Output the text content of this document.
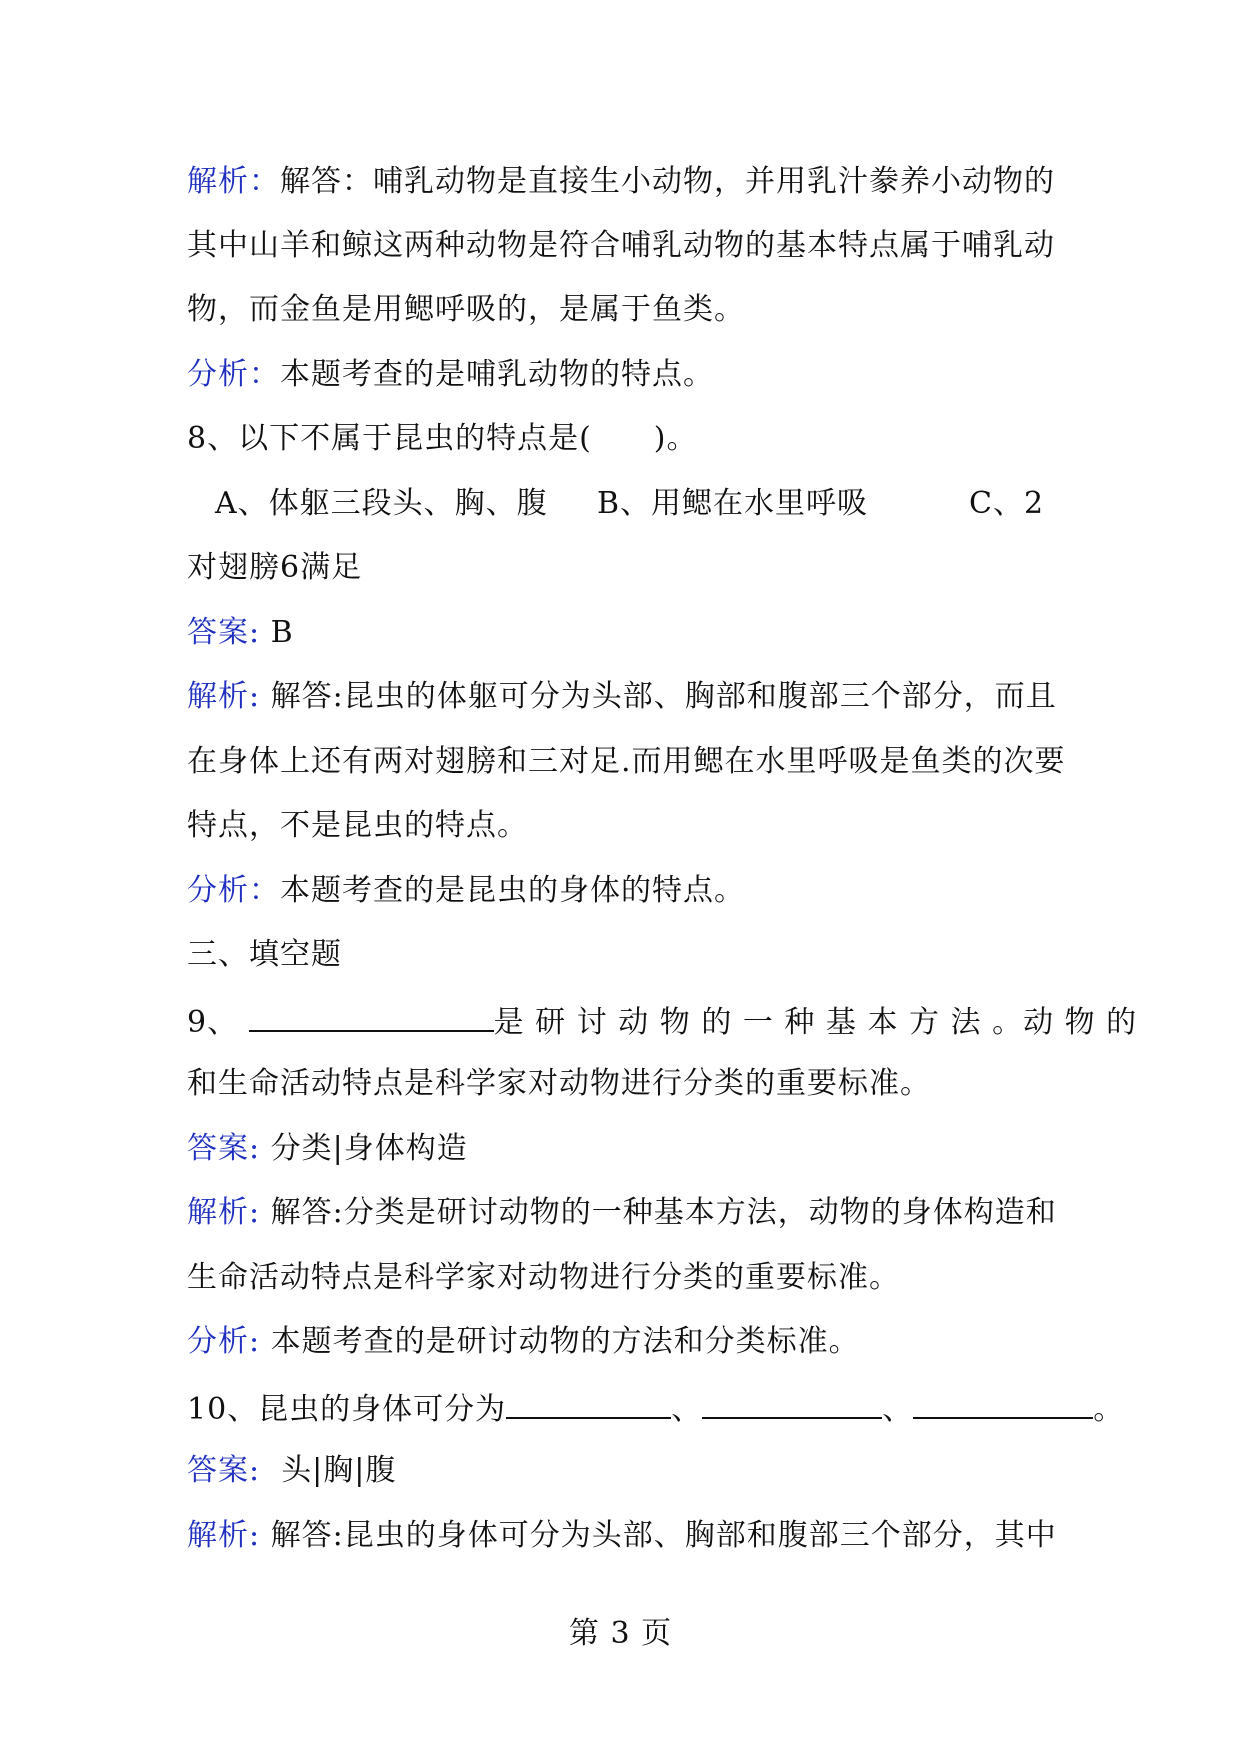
解析：解答：哺乳动物是直接生小动物，并用乳汁豢养小动物的
其中山羊和鲸这两种动物是符合哺乳动物的基本特点属于哺乳动
物，而金鱼是用鳃呼吸的，是属于鱼类。
分析：本题考查的是哺乳动物的特点。
8、以下不属于昆虫的特点是(　　)。
A、体躯三段头、胸、腹 B、用鳃在水里呼吸	C、2
对翅膀6满足
答案: B
解析: 解答:昆虫的体躯可分为头部、胸部和腹部三个部分，而且
在身体上还有两对翅膀和三对足.而用鳃在水里呼吸是鱼类的次要
特点，不是昆虫的特点。
分析：本题考查的是昆虫的身体的特点。
三、填空题
9、	是 研 讨 动 物 的 一 种 基 本 方 法 。动 物 的
和生命活动特点是科学家对动物进行分类的重要标准。
答案: 分类|身体构造
解析: 解答:分类是研讨动物的一种基本方法，动物的身体构造和
生命活动特点是科学家对动物进行分类的重要标准。
分析: 本题考查的是研讨动物的方法和分类标准。
10、昆虫的身体可分为	、	、	。
答案: 头|胸|腹
解析: 解答:昆虫的身体可分为头部、胸部和腹部三个部分，其中
第 3 页
